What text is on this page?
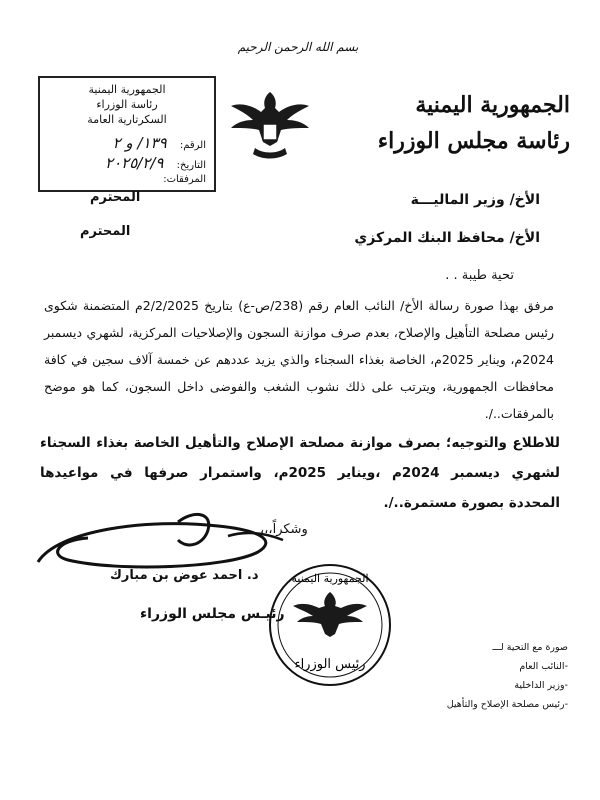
بسم الله الرحمن الرحيم
الجمهورية اليمنية
رئاسة مجلس الوزراء
الجمهورية اليمنية
رئاسة الوزراء
السكرتارية العامة
الرقم: ١٣٩/ و ٢
التاريخ: ٢٠٢٥/٢/٩
المرفقات:
المحترم
المحترم
الأخ/ وزير الماليـــة
الأخ/ محافظ البنك المركزي
تحية طيبة . .
مرفق بهذا صورة رسالة الأخ/ النائب العام رقم (238/ص-ع) بتاريخ 2/2/2025م المتضمنة شكوى رئيس مصلحة التأهيل والإصلاح، بعدم صرف موازنة السجون والإصلاحيات المركزية، لشهري ديسمبر 2024م، ويناير 2025م، الخاصة بغذاء السجناء والذي يزيد عددهم عن خمسة آلاف سجين في كافة محافظات الجمهورية، ويترتب على ذلك نشوب الشغب والفوضى داخل السجون، كما هو موضح بالمرفقات../.
للاطلاع والتوجيه؛ بصرف موازنة مصلحة الإصلاح والتأهيل الخاصة بغذاء السجناء لشهري ديسمبر 2024م ،ويناير 2025م، واستمرار صرفها في مواعيدها المحددة بصورة مستمرة../.
وشكراً،،،
د. احمد عوض بن مبارك
رئيـس مجلس الوزراء
الجمهورية اليمنية
رئيس الوزراء
صورة مع التحية لـــ
-النائب العام
-وزير الداخلية
-رئيس مصلحة الإصلاح والتأهيل
